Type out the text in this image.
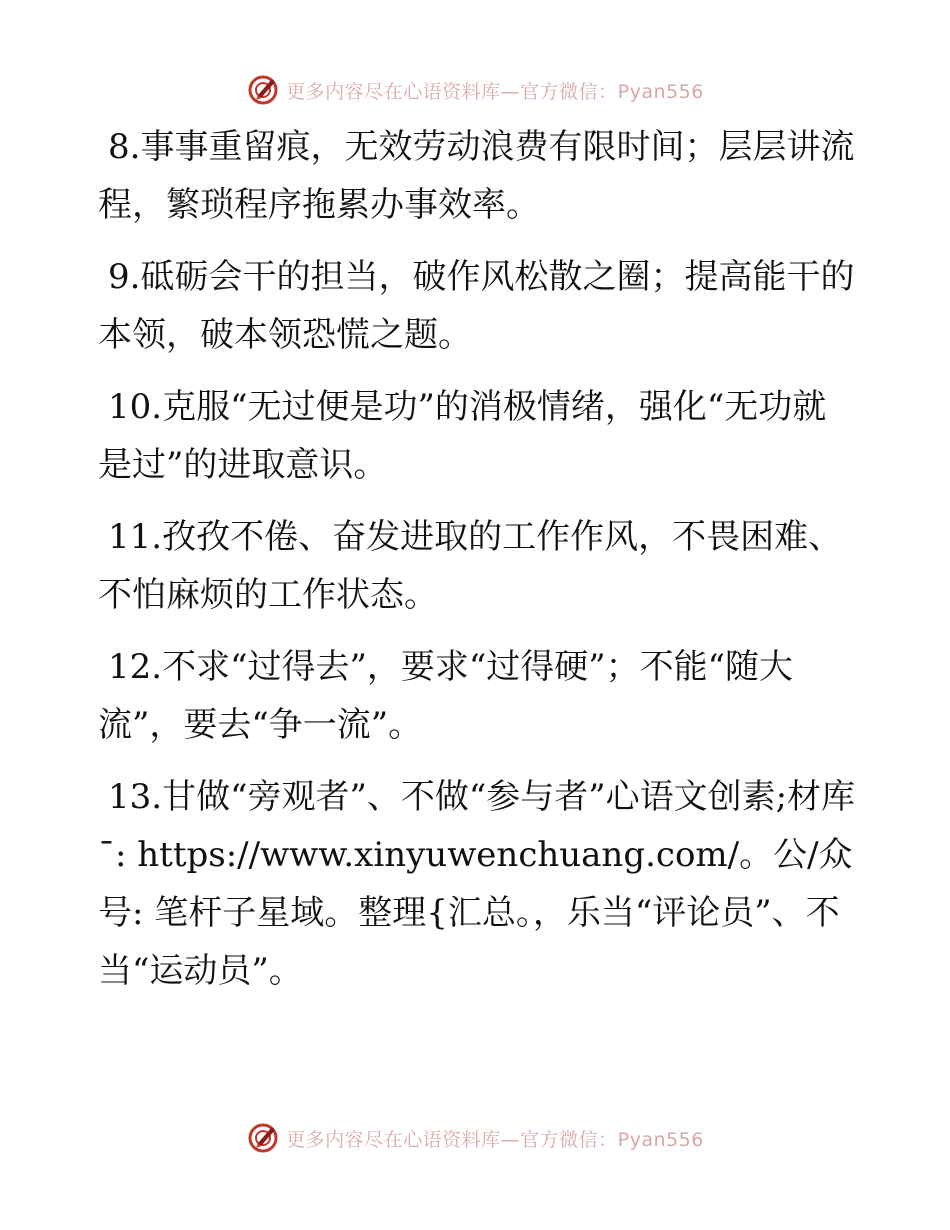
更多内容尽在心语资料库—官方微信：Pyan556

8.事事重留痕，无效劳动浪费有限时间；层层讲流程，繁琐程序拖累办事效率。

9.砥砺会干的担当，破作风松散之圈；提高能干的本领，破本领恐慌之题。

10.克服“无过便是功”的消极情绪，强化“无功就是过”的进取意识。

11.孜孜不倦、奋发进取的工作作风，不畏困难、不怕麻烦的工作状态。

12.不求“过得去”，要求“过得硬”；不能“随大流”，要去“争一流”。

13.甘做“旁观者”、不做“参与者”心语文创素;材库¯: https://www.xinyuwenchuang.com/。公/众号: 笔杆子星域。整理{汇总。，乐当“评论员”、不当“运动员”。

更多内容尽在心语资料库—官方微信：Pyan556
